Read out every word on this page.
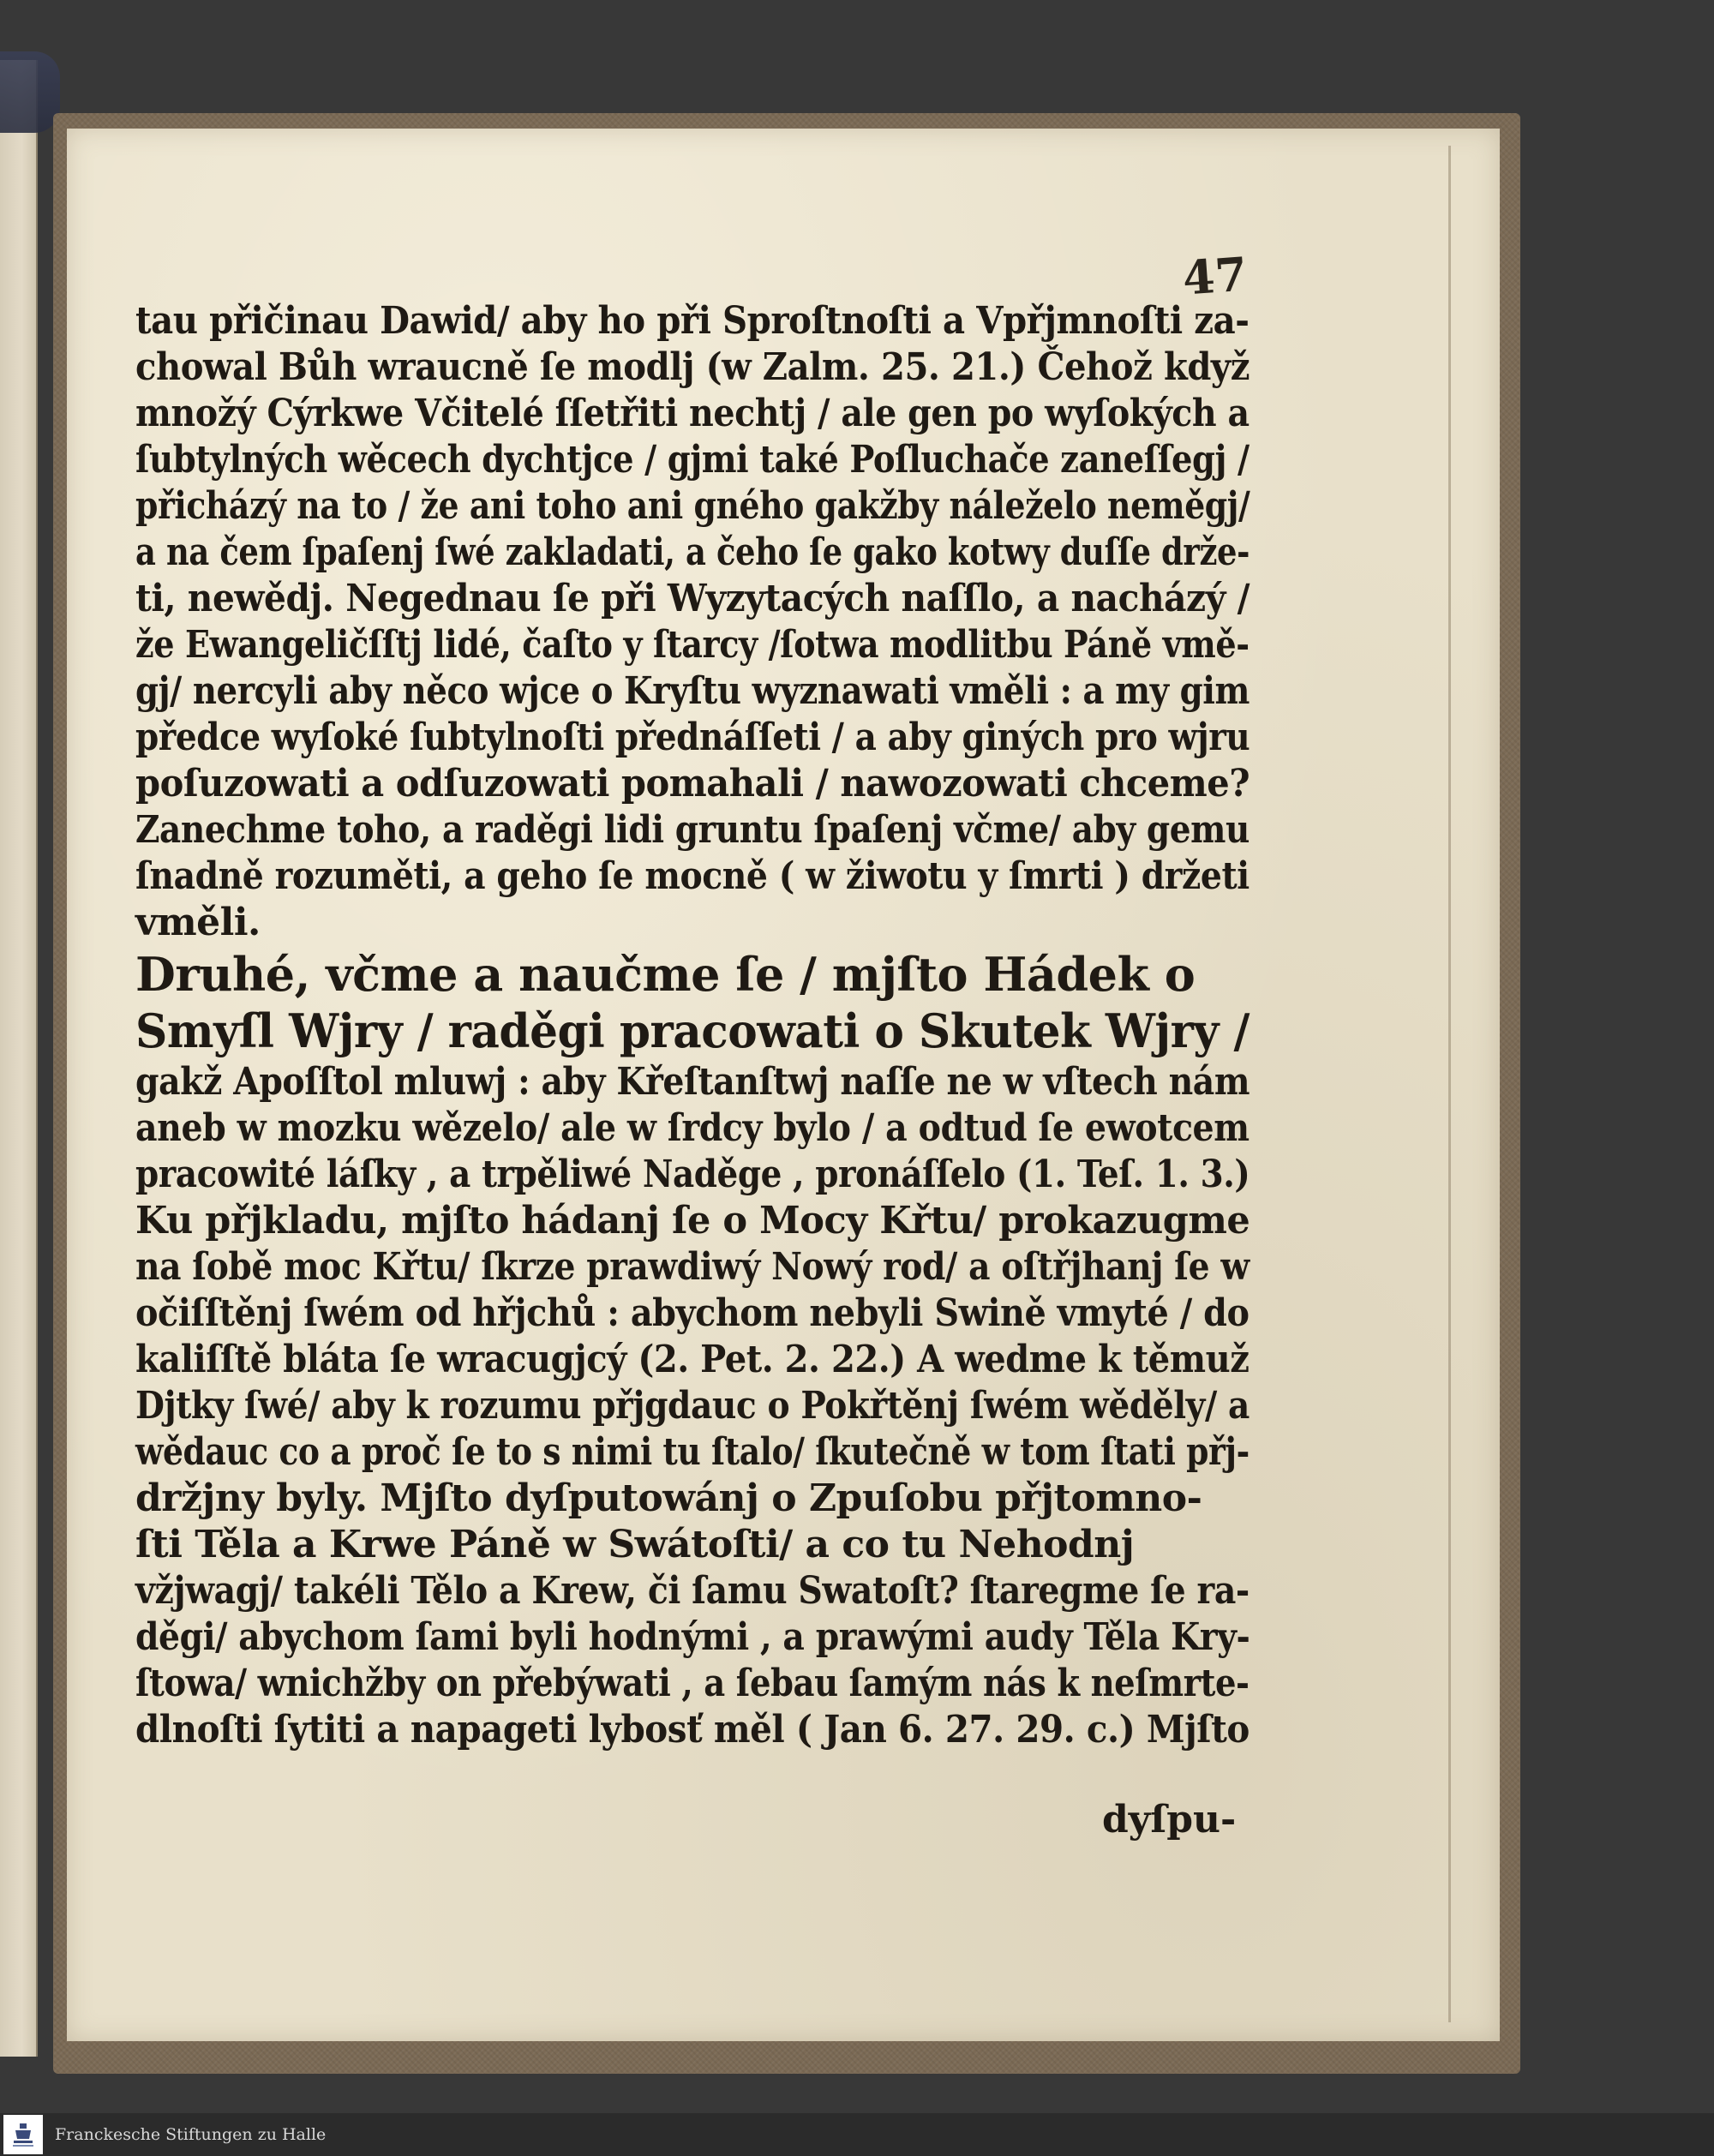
47
tau přičinau Dawid/ aby ho při Sproſtnoſti a Vpřjmnoſti za-
chowal Bůh wraucně ſe modlj (w Zalm. 25. 21.) Čehož když
množý Cýrkwe Včitelé ſſetřiti nechtj / ale gen po wyſokých a
ſubtylných wěcech dychtjce / gjmi také Poſluchače zaneſſegj /
přicházý na to / že ani toho ani gného gakžby náleželo neměgj/
a na čem ſpaſenj ſwé zakladati, a čeho ſe gako kotwy duſſe drže-
ti, newědj. Negednau ſe při Wyzytacých naſſlo, a nacházý /
že Ewangeličſſtj lidé, čaſto y ſtarcy /ſotwa modlitbu Páně vmě-
gj/ nercyli aby něco wjce o Kryſtu wyznawati vměli : a my gim
předce wyſoké ſubtylnoſti přednáſſeti / a aby giných pro wjru
poſuzowati a odſuzowati pomahali / nawozowati chceme?
Zanechme toho, a raděgi lidi gruntu ſpaſenj včme/ aby gemu
ſnadně rozuměti, a geho ſe mocně ( w žiwotu y ſmrti ) držeti
vměli.
Druhé, včme a naučme ſe / mjſto Hádek o
Smyſl Wjry / raděgi pracowati o Skutek Wjry /
gakž Apoſſtol mluwj : aby Křeſtanſtwj naſſe ne w vſtech nám
aneb w mozku wězelo/ ale w ſrdcy bylo / a odtud ſe ewotcem
pracowité láſky , a trpěliwé Naděge , pronáſſelo (1. Teſ. 1. 3.)
Ku přjkladu, mjſto hádanj ſe o Mocy Křtu/ prokazugme
na ſobě moc Křtu/ ſkrze prawdiwý Nowý rod/ a oſtřjhanj ſe w
očiſſtěnj ſwém od hřjchů : abychom nebyli Swině vmyté / do
kaliſſtě bláta ſe wracugjcý (2. Pet. 2. 22.) A wedme k těmuž
Djtky ſwé/ aby k rozumu přjgdauc o Pokřtěnj ſwém wěděly/ a
wědauc co a proč ſe to s nimi tu ſtalo/ ſkutečně w tom ſtati přj-
držjny byly. Mjſto dyſputowánj o Zpuſobu přjtomno-
ſti Těla a Krwe Páně w Swátoſti/ a co tu Nehodnj
vžjwagj/ takéli Tělo a Krew, či ſamu Swatoſt? ſtaregme ſe ra-
děgi/ abychom ſami byli hodnými , a prawými audy Těla Kry-
ſtowa/ wnichžby on přebýwati , a ſebau ſamým nás k neſmrte-
dlnoſti ſytiti a napageti lybosť měl ( Jan 6. 27. 29. c.) Mjſto
dyſpu-
Franckesche Stiftungen zu Halle
